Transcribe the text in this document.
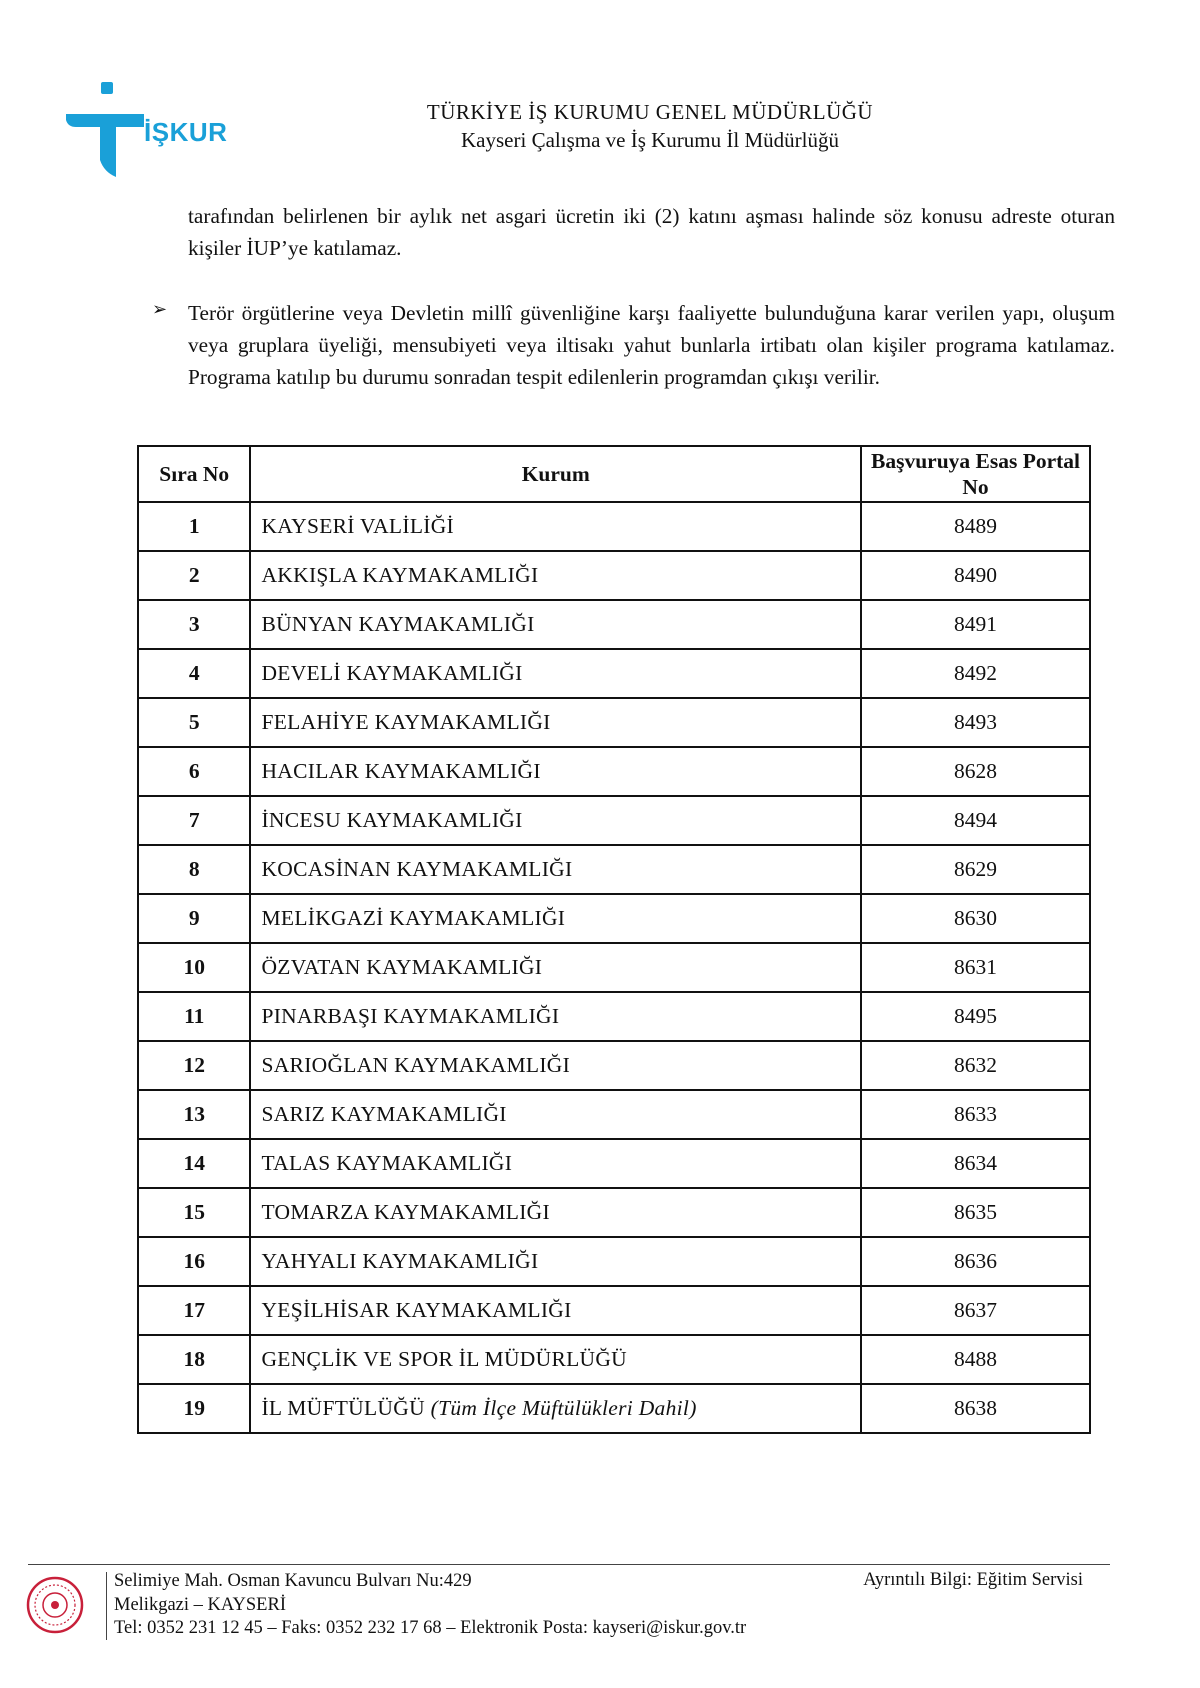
İŞKUR
TÜRKİYE İŞ KURUMU GENEL MÜDÜRLÜĞÜ
Kayseri Çalışma ve İş Kurumu İl Müdürlüğü
tarafından belirlenen bir aylık net asgari ücretin iki (2) katını aşması halinde söz konusu adreste oturan kişiler İUP’ye katılamaz.
➢ Terör örgütlerine veya Devletin millî güvenliğine karşı faaliyette bulunduğuna karar verilen yapı, oluşum veya gruplara üyeliği, mensubiyeti veya iltisakı yahut bunlarla irtibatı olan kişiler programa katılamaz. Programa katılıp bu durumu sonradan tespit edilenlerin programdan çıkışı verilir.
Sıra No	Kurum	Başvuruya Esas Portal No
1	KAYSERİ VALİLİĞİ	8489
2	AKKIŞLA KAYMAKAMLIĞI	8490
3	BÜNYAN KAYMAKAMLIĞI	8491
4	DEVELİ KAYMAKAMLIĞI	8492
5	FELAHİYE KAYMAKAMLIĞI	8493
6	HACILAR KAYMAKAMLIĞI	8628
7	İNCESU KAYMAKAMLIĞI	8494
8	KOCASİNAN KAYMAKAMLIĞI	8629
9	MELİKGAZİ KAYMAKAMLIĞI	8630
10	ÖZVATAN KAYMAKAMLIĞI	8631
11	PINARBAŞI KAYMAKAMLIĞI	8495
12	SARIOĞLAN KAYMAKAMLIĞI	8632
13	SARIZ KAYMAKAMLIĞI	8633
14	TALAS KAYMAKAMLIĞI	8634
15	TOMARZA KAYMAKAMLIĞI	8635
16	YAHYALI KAYMAKAMLIĞI	8636
17	YEŞİLHİSAR KAYMAKAMLIĞI	8637
18	GENÇLİK VE SPOR İL MÜDÜRLÜĞÜ	8488
19	İL MÜFTÜLÜĞÜ (Tüm İlçe Müftülükleri Dahil)	8638
Selimiye Mah. Osman Kavuncu Bulvarı Nu:429
Melikgazi – KAYSERİ
Tel: 0352 231 12 45 – Faks: 0352 232 17 68 – Elektronik Posta: kayseri@iskur.gov.tr
Ayrıntılı Bilgi: Eğitim Servisi
